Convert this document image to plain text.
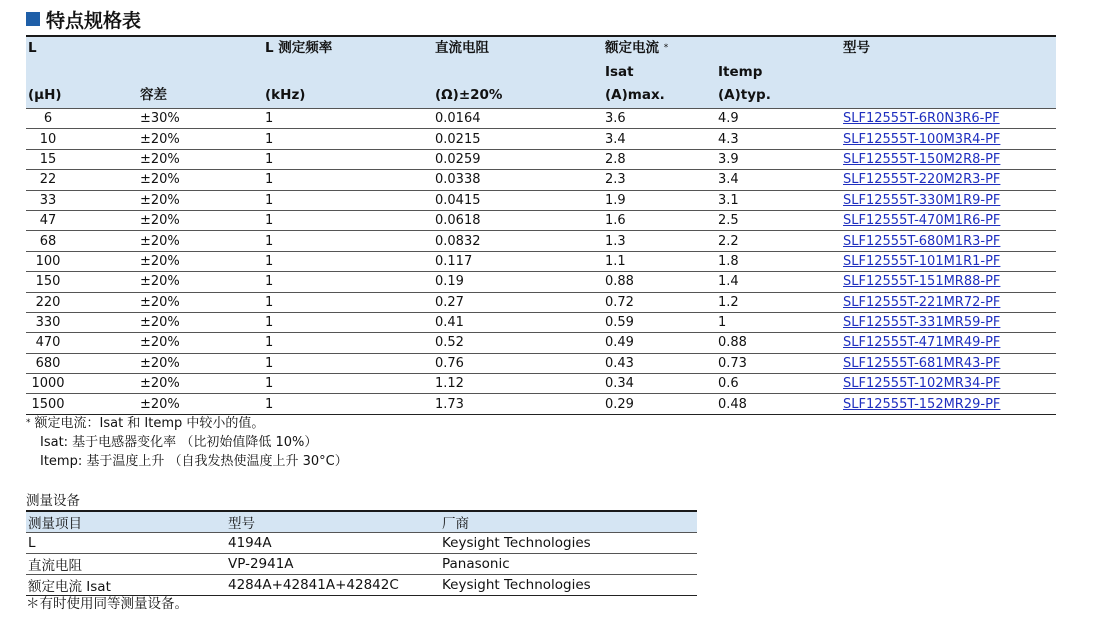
特点规格表
L		L 测定频率	直流电阻	额定电流 *		型号
				Isat	Itemp	
(μH)	容差	(kHz)	(Ω)±20%	(A)max.	(A)typ.	
6	±30%	1	0.0164	3.6	4.9	SLF12555T-6R0N3R6-PF
10	±20%	1	0.0215	3.4	4.3	SLF12555T-100M3R4-PF
15	±20%	1	0.0259	2.8	3.9	SLF12555T-150M2R8-PF
22	±20%	1	0.0338	2.3	3.4	SLF12555T-220M2R3-PF
33	±20%	1	0.0415	1.9	3.1	SLF12555T-330M1R9-PF
47	±20%	1	0.0618	1.6	2.5	SLF12555T-470M1R6-PF
68	±20%	1	0.0832	1.3	2.2	SLF12555T-680M1R3-PF
100	±20%	1	0.117	1.1	1.8	SLF12555T-101M1R1-PF
150	±20%	1	0.19	0.88	1.4	SLF12555T-151MR88-PF
220	±20%	1	0.27	0.72	1.2	SLF12555T-221MR72-PF
330	±20%	1	0.41	0.59	1	SLF12555T-331MR59-PF
470	±20%	1	0.52	0.49	0.88	SLF12555T-471MR49-PF
680	±20%	1	0.76	0.43	0.73	SLF12555T-681MR43-PF
1000	±20%	1	1.12	0.34	0.6	SLF12555T-102MR34-PF
1500	±20%	1	1.73	0.29	0.48	SLF12555T-152MR29-PF
* 额定电流：Isat 和 Itemp 中较小的值。
Isat: 基于电感器变化率 （比初始值降低 10%）
Itemp: 基于温度上升 （自我发热使温度上升 30°C）
测量设备
测量项目	型号	厂商
L	4194A	Keysight Technologies
直流电阻	VP-2941A	Panasonic
额定电流 Isat	4284A+42841A+42842C	Keysight Technologies
＊有时使用同等测量设备。
